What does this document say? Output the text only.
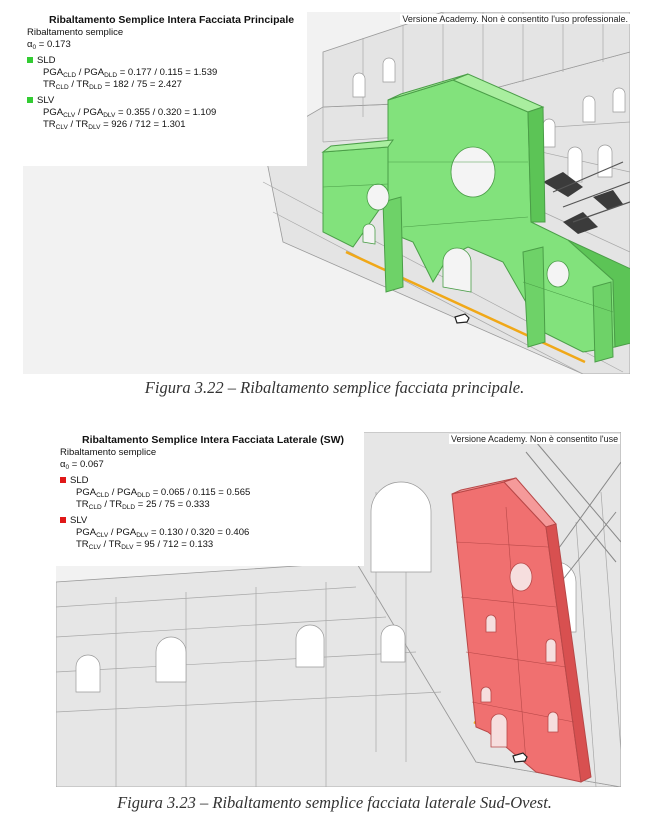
Ribaltamento Semplice Intera Facciata Principale
Ribaltamento semplice
$\alpha_0 = 0.173$
SLD
$PGA_{CLD} / PGA_{DLD} = 0.177 / 0.115 = 1.539$
$TR_{CLD} / TR_{DLD} = 182 / 75 = 2.427$
SLV
$PGA_{CLV} / PGA_{DLV} = 0.355 / 0.320 = 1.109$
$TR_{CLV} / TR_{DLV} = 926 / 712 = 1.301$
Versione Academy. Non è consentito l'uso professionale.
Figura 3.22 – Ribaltamento semplice facciata principale.
Ribaltamento Semplice Intera Facciata Laterale (SW)
Ribaltamento semplice
$\alpha_0 = 0.067$
SLD
$PGA_{CLD} / PGA_{DLD} = 0.065 / 0.115 = 0.565$
$TR_{CLD} / TR_{DLD} = 25 / 75 = 0.333$
SLV
$PGA_{CLV} / PGA_{DLV} = 0.130 / 0.320 = 0.406$
$TR_{CLV} / TR_{DLV} = 95 / 712 = 0.133$
Versione Academy. Non è consentito l'use
Figura 3.23 – Ribaltamento semplice facciata laterale Sud-Ovest.
